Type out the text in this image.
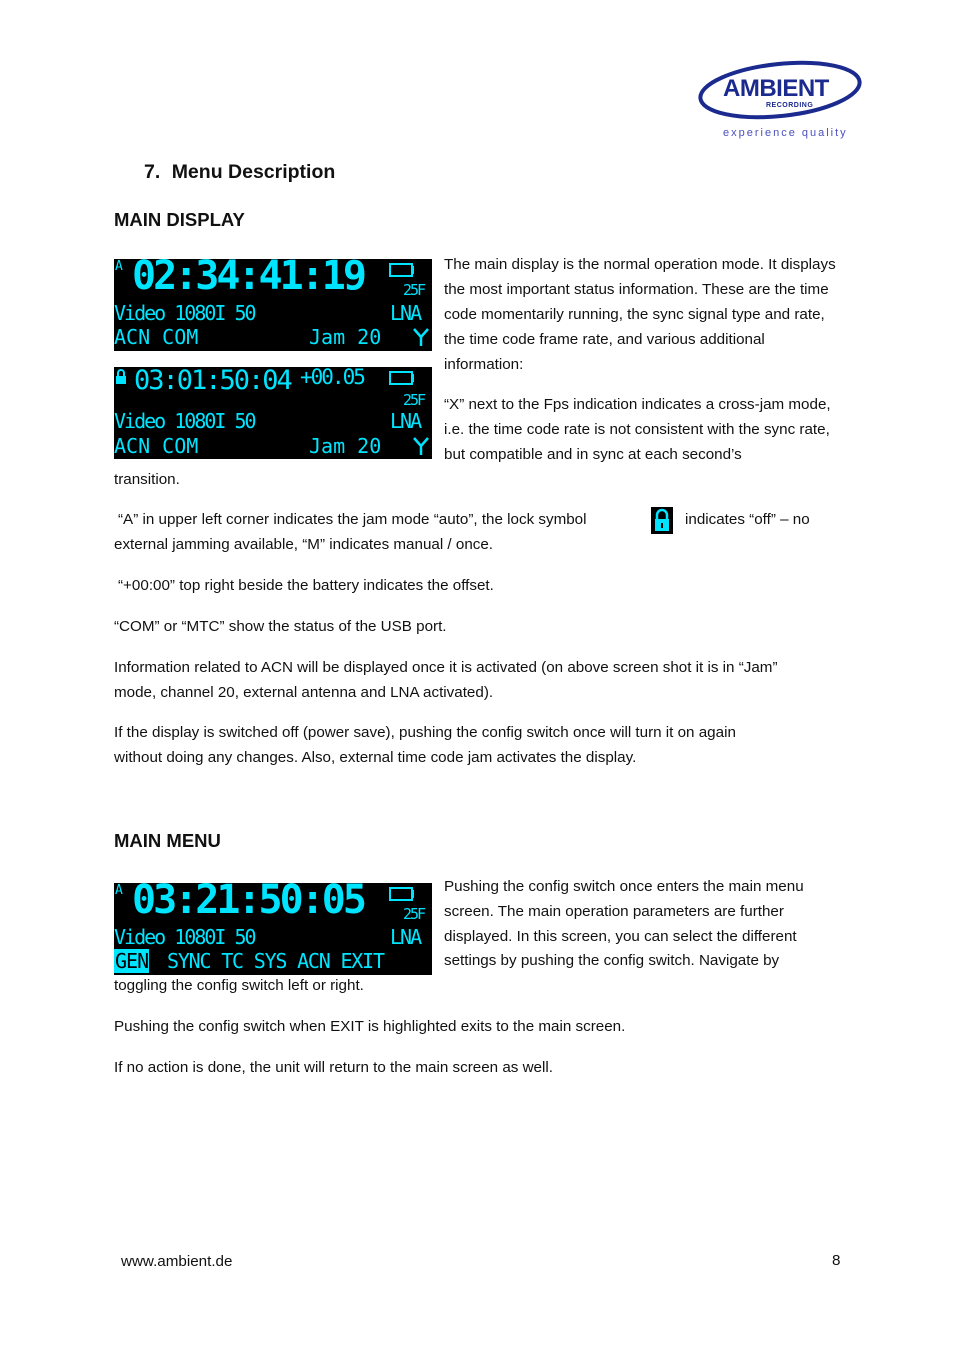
AMBIENT
RECORDING
experience quality
7. Menu Description
MAIN DISPLAY
A 02:34:41:19	25F
Video 1080I 50	LNA
ACN COM	Jam 20
03:01:50:04 +00.05
25F
Video 1080I 50	LNA
ACN COM	Jam 20

The main display is the normal operation mode. It displays the most important status information. These are the time code momentarily running, the sync signal type and rate, the time code frame rate, and various additional information:

“X” next to the Fps indication indicates a cross-jam mode, i.e. the time code rate is not consistent with the sync rate, but compatible and in sync at each second’s

transition.

“A” in upper left corner indicates the jam mode “auto”, the lock symbol	indicates “off” – no

external jamming available, “M” indicates manual / once.

“+00:00” top right beside the battery indicates the offset.

“COM” or “MTC” show the status of the USB port.

Information related to ACN will be displayed once it is activated (on above screen shot it is in “Jam”

mode, channel 20, external antenna and LNA activated).

If the display is switched off (power save), pushing the config switch once will turn it on again

without doing any changes. Also, external time code jam activates the display.

MAIN MENU
A 03:21:50:05	25F
Video 1080I 50	LNA
GEN SYNC TC SYS ACN EXIT

Pushing the config switch once enters the main menu

screen. The main operation parameters are further

displayed. In this screen, you can select the different

settings by pushing the config switch. Navigate by

toggling the config switch left or right.

Pushing the config switch when EXIT is highlighted exits to the main screen.

If no action is done, the unit will return to the main screen as well.

www.ambient.de	8
